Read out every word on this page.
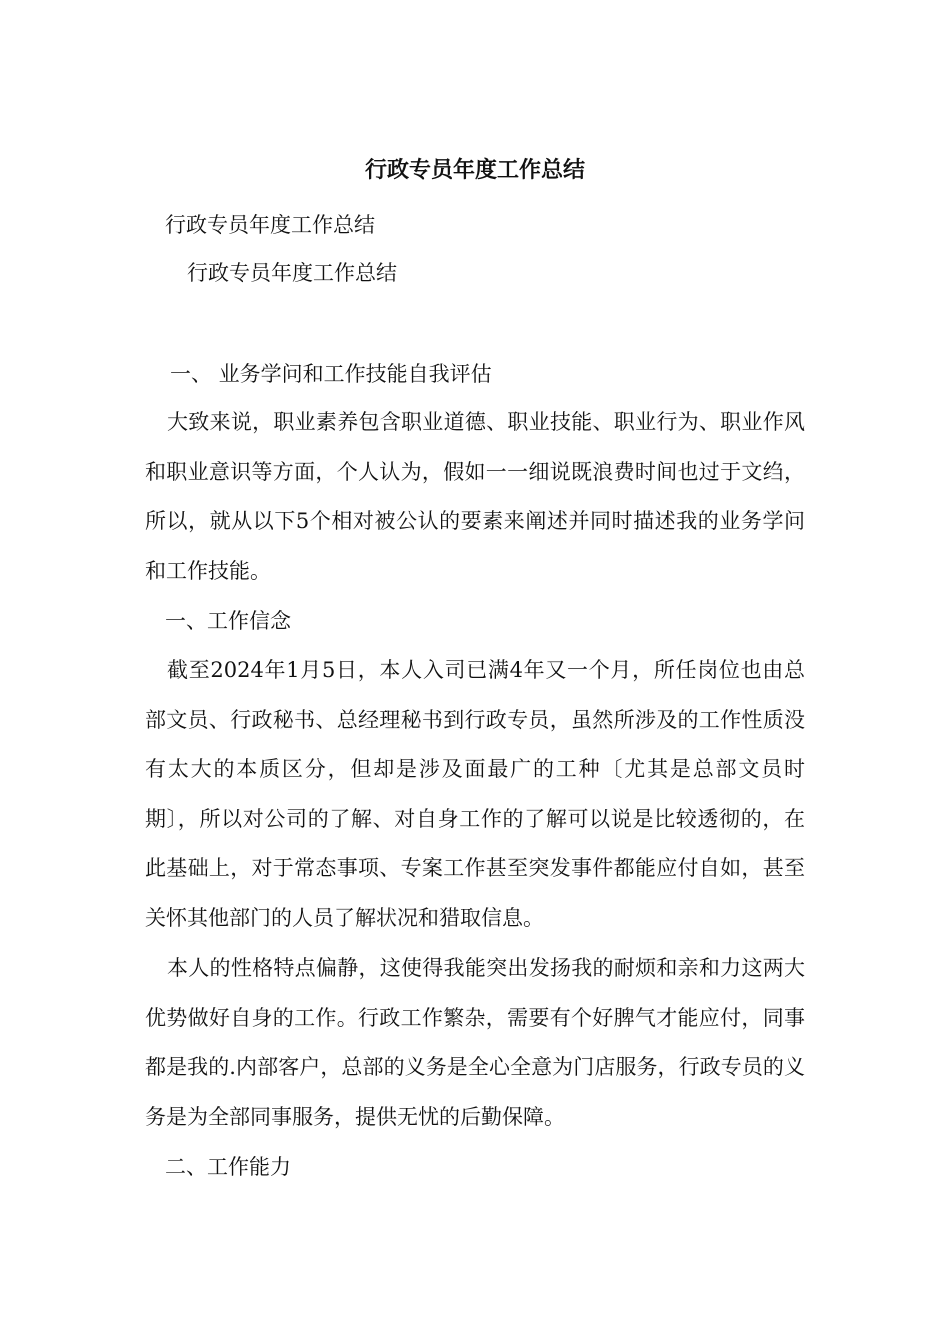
行政专员年度工作总结
行政专员年度工作总结
行政专员年度工作总结
一、 业务学问和工作技能自我评估
大致来说，职业素养包含职业道德、职业技能、职业行为、职业作风和职业意识等方面，个人认为，假如一一细说既浪费时间也过于文绉，所以，就从以下5个相对被公认的要素来阐述并同时描述我的业务学问和工作技能。
一、工作信念
截至2024年1月5日，本人入司已满4年又一个月，所任岗位也由总部文员、行政秘书、总经理秘书到行政专员，虽然所涉及的工作性质没有太大的本质区分，但却是涉及面最广的工种〔尤其是总部文员时期〕，所以对公司的了解、对自身工作的了解可以说是比较透彻的，在此基础上，对于常态事项、专案工作甚至突发事件都能应付自如，甚至关怀其他部门的人员了解状况和猎取信息。
本人的性格特点偏静，这使得我能突出发扬我的耐烦和亲和力这两大优势做好自身的工作。行政工作繁杂，需要有个好脾气才能应付，同事都是我的.内部客户，总部的义务是全心全意为门店服务，行政专员的义务是为全部同事服务，提供无忧的后勤保障。
二、工作能力
